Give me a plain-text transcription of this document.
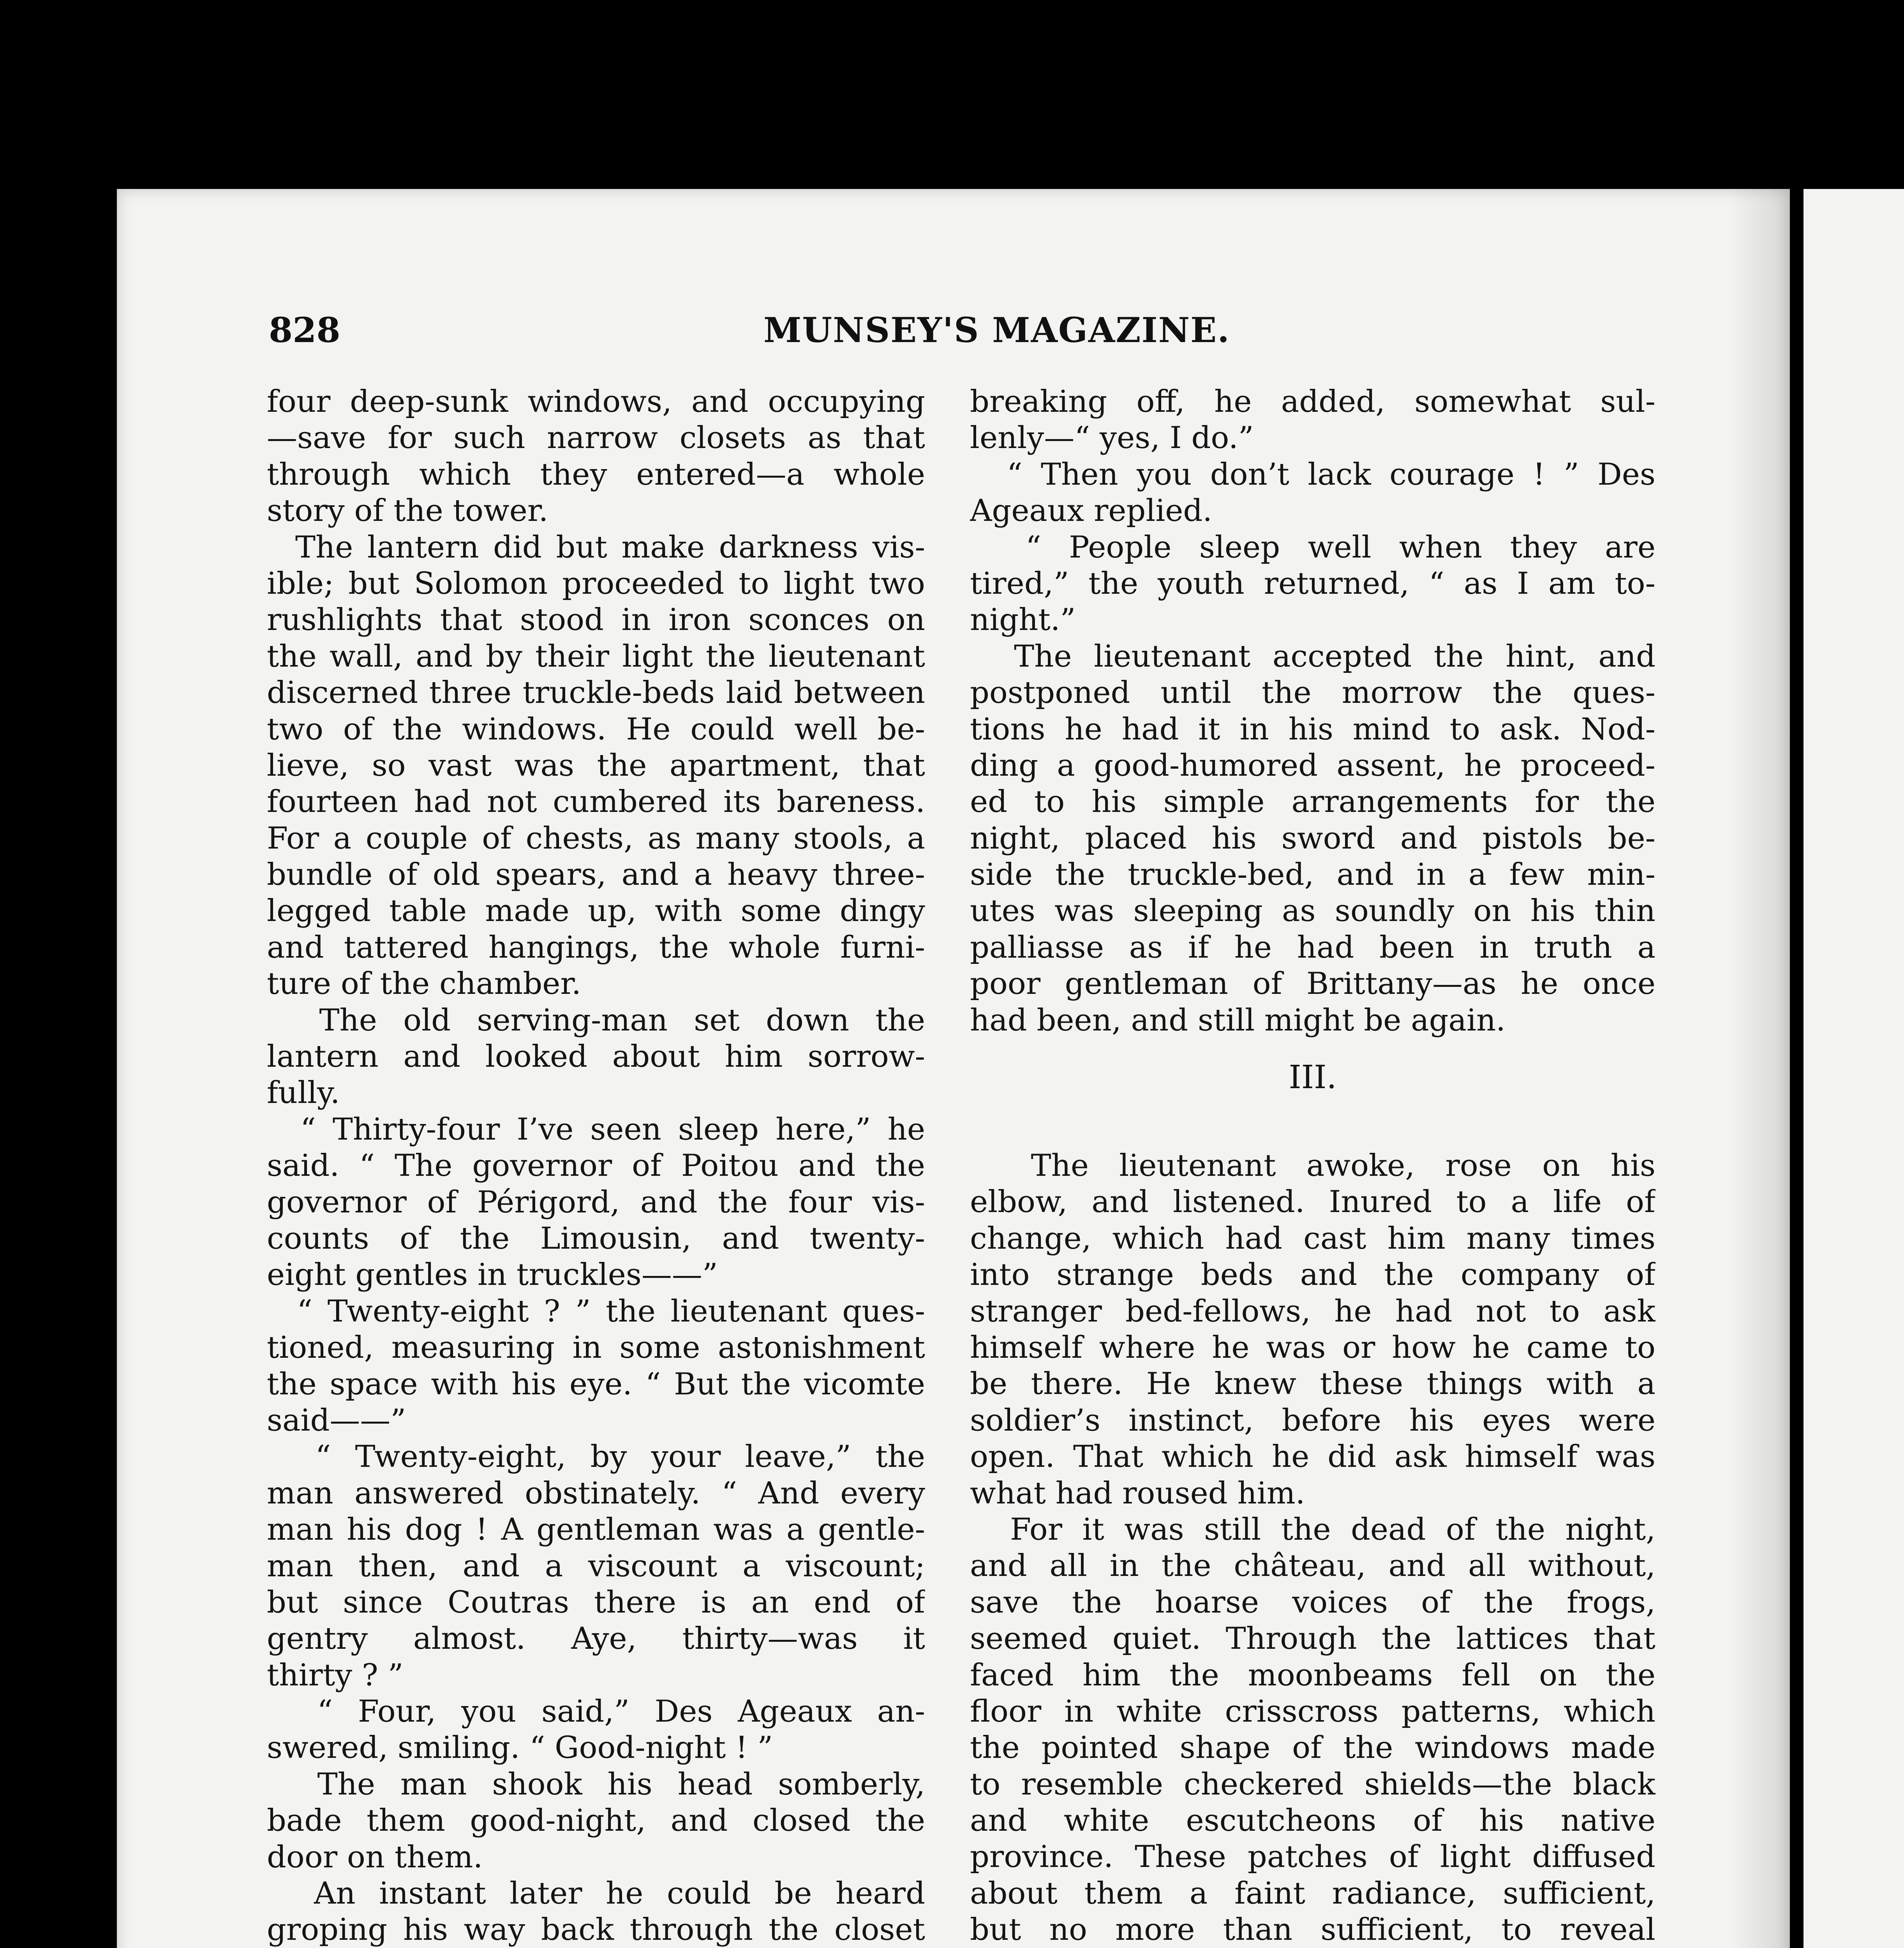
828	MUNSEY'S MAGAZINE.
four deep-sunk windows, and occupying
—save for such narrow closets as that
through which they entered—a whole
story of the tower.
The lantern did but make darkness vis-
ible; but Solomon proceeded to light two
rushlights that stood in iron sconces on
the wall, and by their light the lieutenant
discerned three truckle-beds laid between
two of the windows. He could well be-
lieve, so vast was the apartment, that
fourteen had not cumbered its bareness.
For a couple of chests, as many stools, a
bundle of old spears, and a heavy three-
legged table made up, with some dingy
and tattered hangings, the whole furni-
ture of the chamber.
The old serving-man set down the
lantern and looked about him sorrow-
fully.
“ Thirty-four I’ve seen sleep here,” he
said. “ The governor of Poitou and the
governor of Périgord, and the four vis-
counts of the Limousin, and twenty-
eight gentles in truckles——”
“ Twenty-eight ? ” the lieutenant ques-
tioned, measuring in some astonishment
the space with his eye. “ But the vicomte
said——”
“ Twenty-eight, by your leave,” the
man answered obstinately. “ And every
man his dog ! A gentleman was a gentle-
man then, and a viscount a viscount;
but since Coutras there is an end of
gentry almost. Aye, thirty—was it
thirty ? ”
“ Four, you said,” Des Ageaux an-
swered, smiling. “ Good-night ! ”
The man shook his head somberly,
bade them good-night, and closed the
door on them.
An instant later he could be heard
groping his way back through the closet
breaking off, he added, somewhat sul-
lenly—“ yes, I do.”
“ Then you don’t lack courage ! ” Des
Ageaux replied.
“ People sleep well when they are
tired,” the youth returned, “ as I am to-
night.”
The lieutenant accepted the hint, and
postponed until the morrow the ques-
tions he had it in his mind to ask. Nod-
ding a good-humored assent, he proceed-
ed to his simple arrangements for the
night, placed his sword and pistols be-
side the truckle-bed, and in a few min-
utes was sleeping as soundly on his thin
palliasse as if he had been in truth a
poor gentleman of Brittany—as he once
had been, and still might be again.
III.
The lieutenant awoke, rose on his
elbow, and listened. Inured to a life of
change, which had cast him many times
into strange beds and the company of
stranger bed-fellows, he had not to ask
himself where he was or how he came to
be there. He knew these things with a
soldier’s instinct, before his eyes were
open. That which he did ask himself was
what had roused him.
For it was still the dead of the night,
and all in the château, and all without,
save the hoarse voices of the frogs,
seemed quiet. Through the lattices that
faced him the moonbeams fell on the
floor in white crisscross patterns, which
the pointed shape of the windows made
to resemble checkered shields—the black
and white escutcheons of his native
province. These patches of light diffused
about them a faint radiance, sufficient,
but no more than sufficient, to reveal
